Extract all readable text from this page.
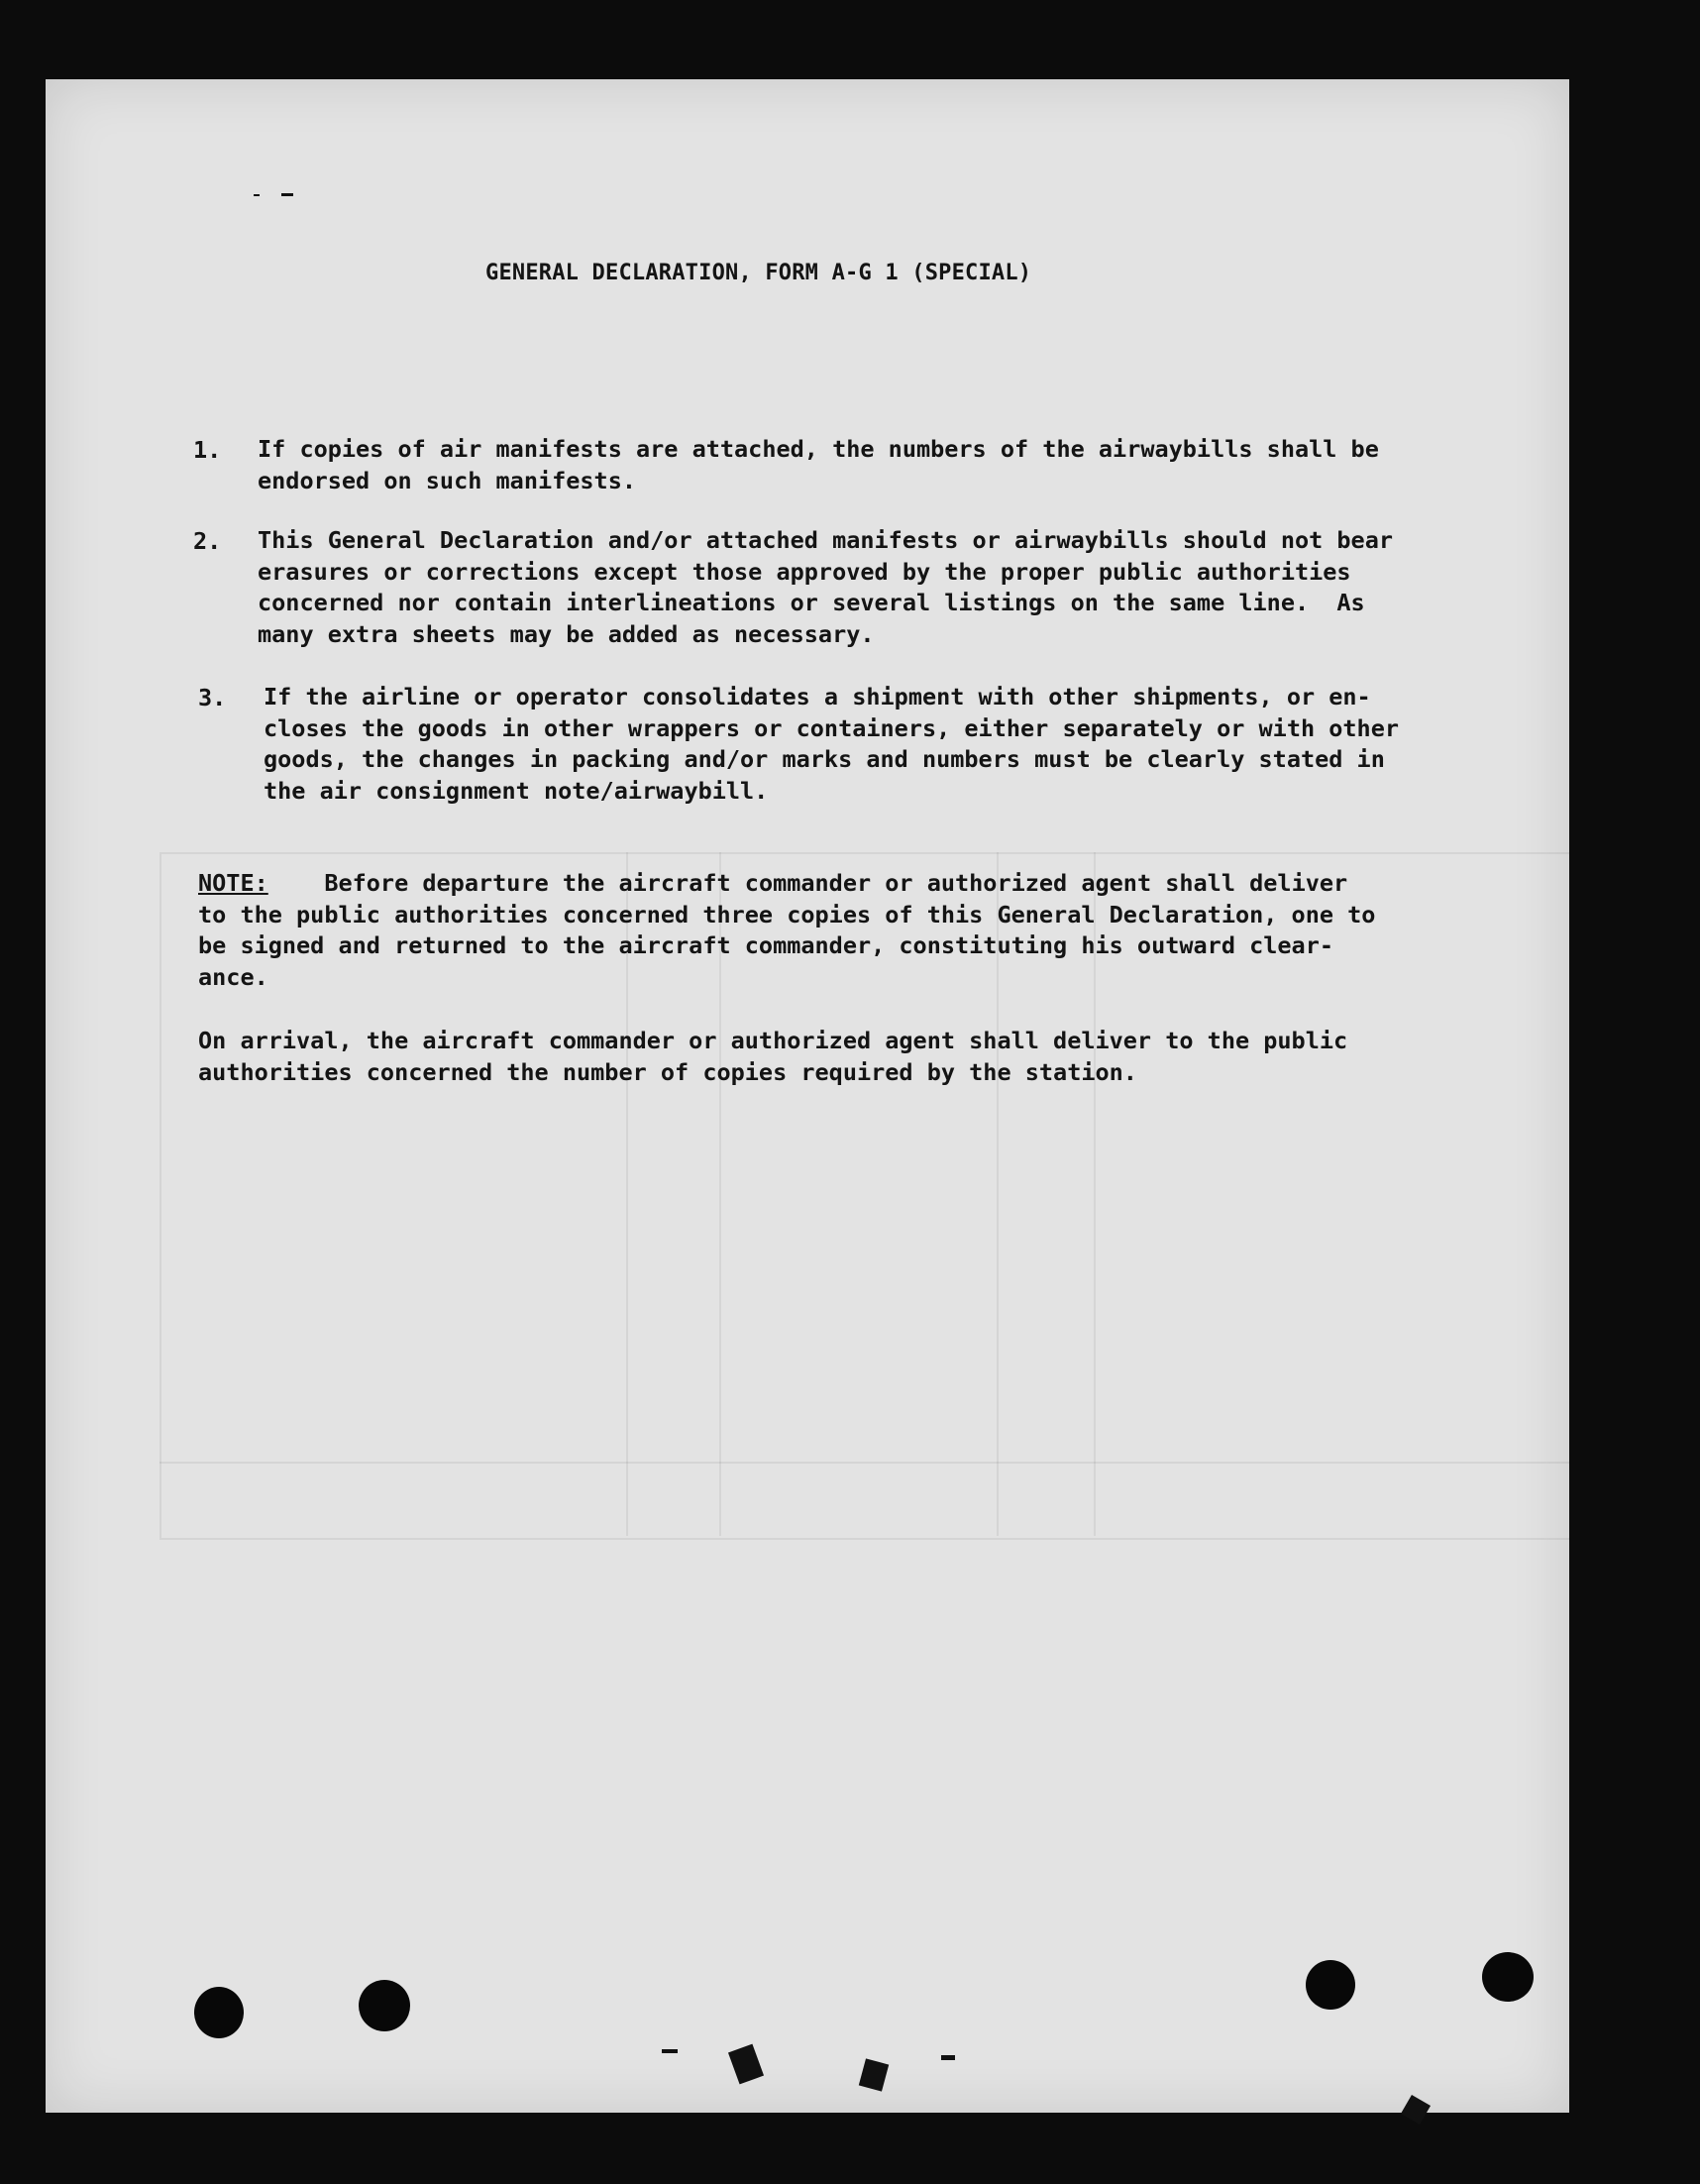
GENERAL DECLARATION, FORM A-G 1 (SPECIAL)
1. If copies of air manifests are attached, the numbers of the airwaybills shall be
endorsed on such manifests.
2. This General Declaration and/or attached manifests or airwaybills should not bear
erasures or corrections except those approved by the proper public authorities
concerned nor contain interlineations or several listings on the same line.  As
many extra sheets may be added as necessary.
3. If the airline or operator consolidates a shipment with other shipments, or en-
closes the goods in other wrappers or containers, either separately or with other
goods, the changes in packing and/or marks and numbers must be clearly stated in
the air consignment note/airwaybill.
NOTE: Before departure the aircraft commander or authorized agent shall deliver
to the public authorities concerned three copies of this General Declaration, one to
be signed and returned to the aircraft commander, constituting his outward clear-
ance.
On arrival, the aircraft commander or authorized agent shall deliver to the public
authorities concerned the number of copies required by the station.
